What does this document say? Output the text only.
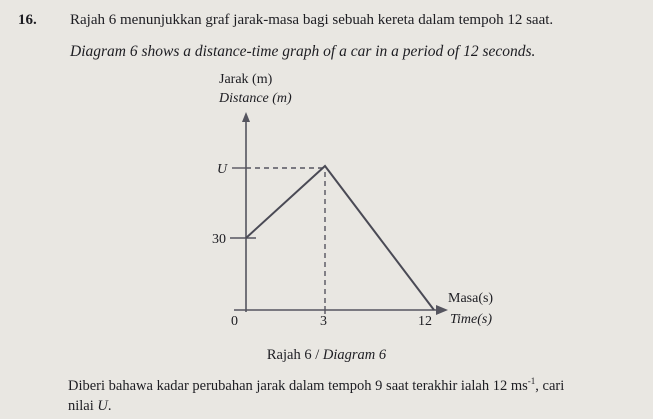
16. Rajah 6 menunjukkan graf jarak-masa bagi sebuah kereta dalam tempoh 12 saat.
Diagram 6 shows a distance-time graph of a car in a period of 12 seconds.
Jarak (m)
Distance (m)
U
30
0	3	12
Masa(s)
Time(s)
Rajah 6 / Diagram 6
Diberi bahawa kadar perubahan jarak dalam tempoh 9 saat terakhir ialah 12 $ms^{-1}$, cari
nilai U.
